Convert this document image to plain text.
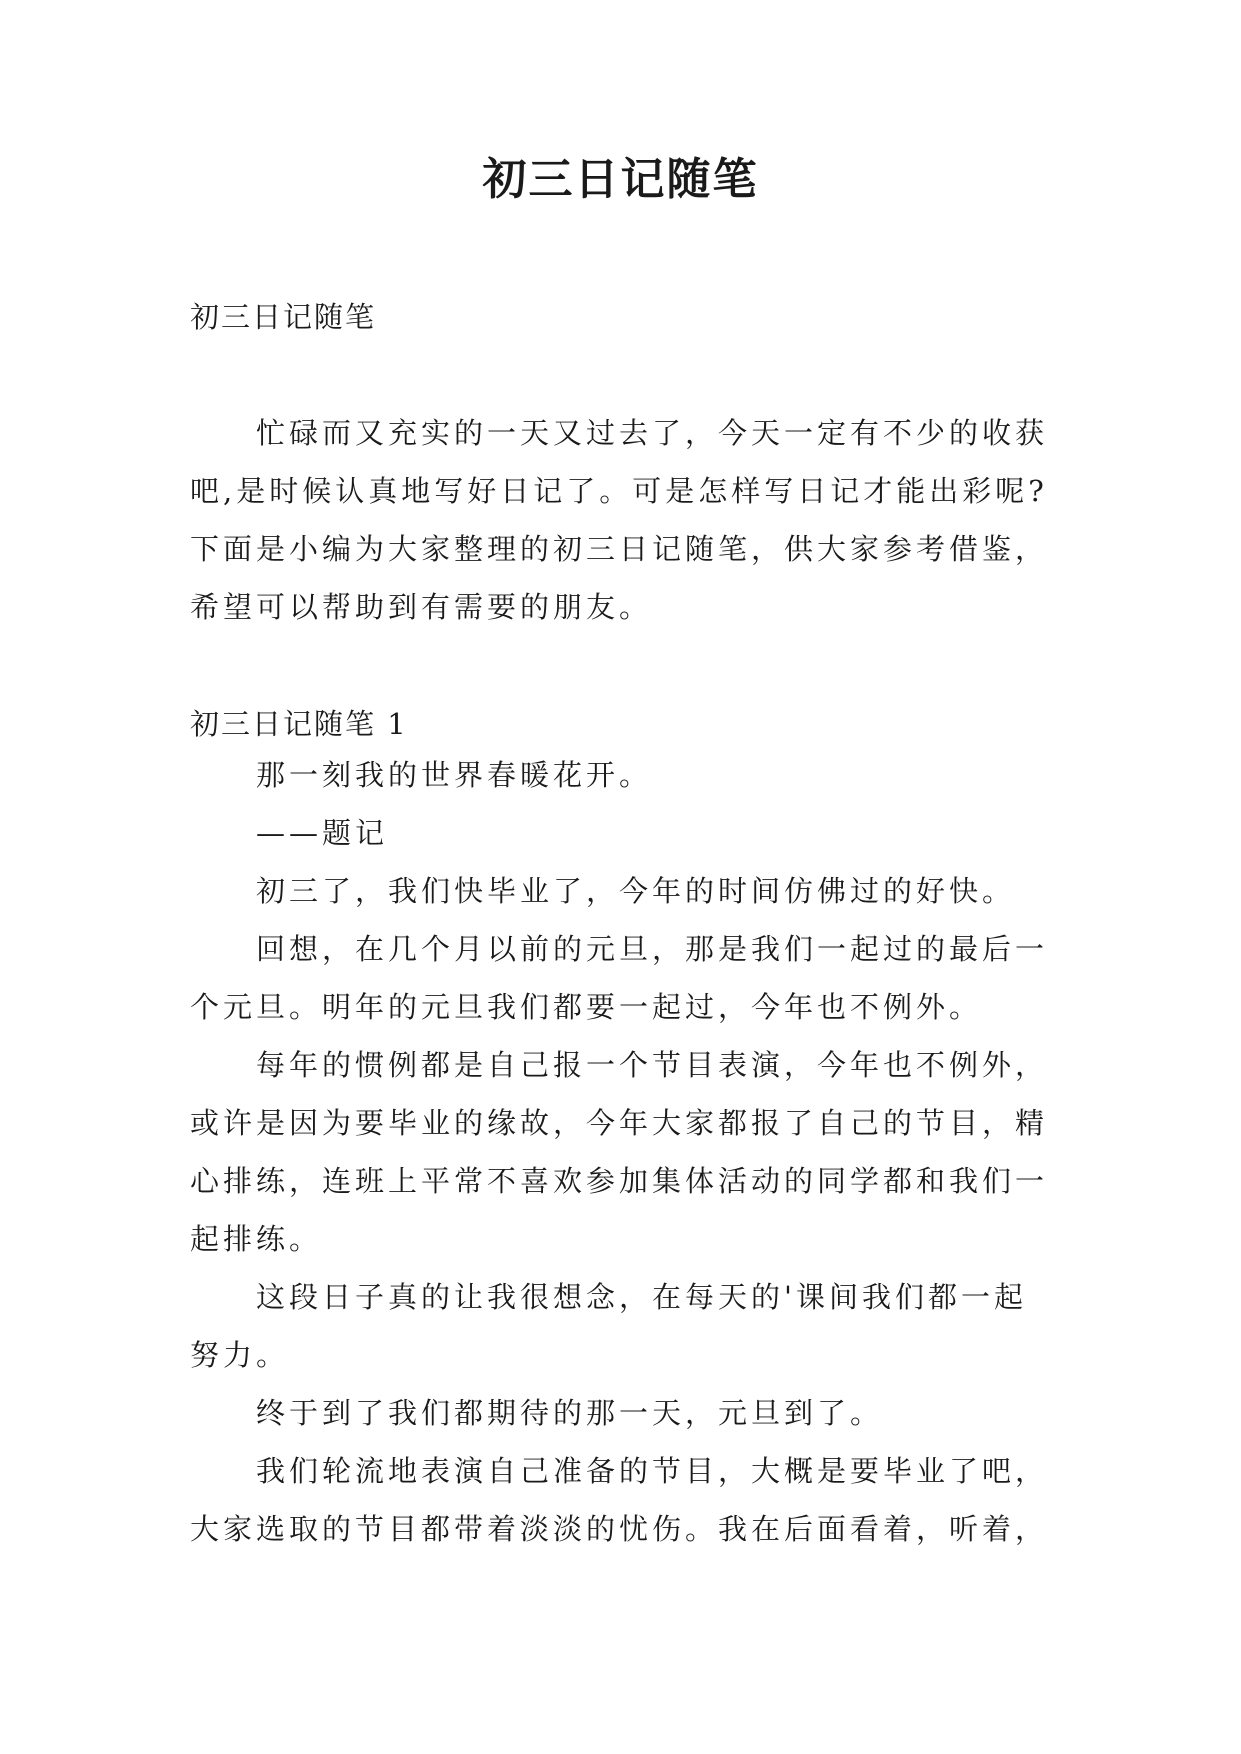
初三日记随笔
初三日记随笔
　　忙碌而又充实的一天又过去了，今天一定有不少的收获
吧,是时候认真地写好日记了。可是怎样写日记才能出彩呢?
下面是小编为大家整理的初三日记随笔，供大家参考借鉴，
希望可以帮助到有需要的朋友。
初三日记随笔 1
　　那一刻我的世界春暖花开。
　　——题记
　　初三了，我们快毕业了，今年的时间仿佛过的好快。
　　回想，在几个月以前的元旦，那是我们一起过的最后一
个元旦。明年的元旦我们都要一起过，今年也不例外。
　　每年的惯例都是自己报一个节目表演，今年也不例外，
或许是因为要毕业的缘故，今年大家都报了自己的节目，精
心排练，连班上平常不喜欢参加集体活动的同学都和我们一
起排练。
　　这段日子真的让我很想念，在每天的'课间我们都一起
努力。
　　终于到了我们都期待的那一天，元旦到了。
　　我们轮流地表演自己准备的节目，大概是要毕业了吧，
大家选取的节目都带着淡淡的忧伤。我在后面看着，听着，
